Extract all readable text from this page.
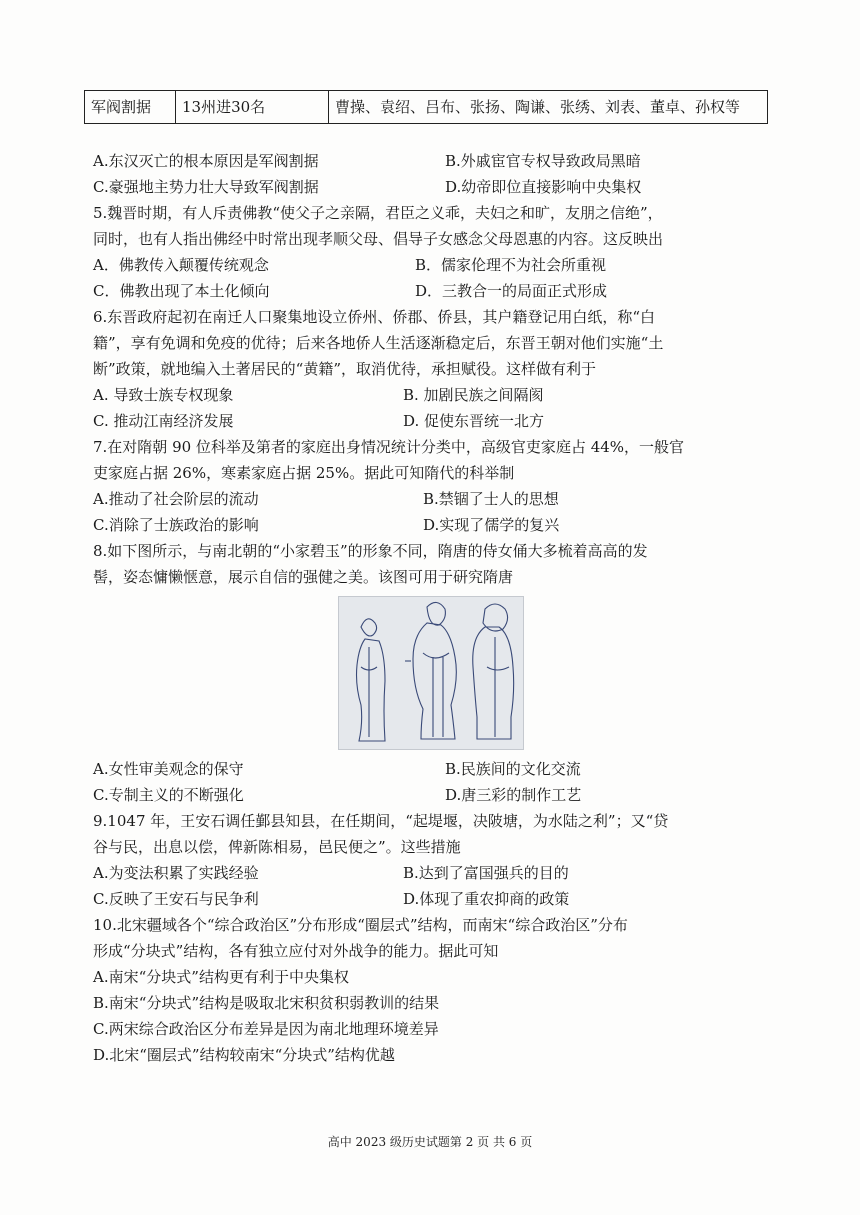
军阀割据	13州进30名	曹操、袁绍、吕布、张扬、陶谦、张绣、刘表、董卓、孙权等
A.东汉灭亡的根本原因是军阀割据	B.外戚宦官专权导致政局黑暗
C.豪强地主势力壮大导致军阀割据	D.幼帝即位直接影响中央集权
5.魏晋时期，有人斥责佛教“使父子之亲隔，君臣之义乖，夫妇之和旷，友朋之信绝”，
同时，也有人指出佛经中时常出现孝顺父母、倡导子女感念父母恩惠的内容。这反映出
A．佛教传入颠覆传统观念	B．儒家伦理不为社会所重视
C．佛教出现了本土化倾向	D．三教合一的局面正式形成
6.东晋政府起初在南迁人口聚集地设立侨州、侨郡、侨县，其户籍登记用白纸，称“白
籍”，享有免调和免疫的优待；后来各地侨人生活逐渐稳定后，东晋王朝对他们实施“土
断”政策，就地编入土著居民的“黄籍”，取消优待，承担赋役。这样做有利于
A. 导致士族专权现象	B. 加剧民族之间隔阂
C. 推动江南经济发展	D. 促使东晋统一北方
7.在对隋朝 90 位科举及第者的家庭出身情况统计分类中，高级官吏家庭占 44%，一般官
吏家庭占据 26%，寒素家庭占据 25%。据此可知隋代的科举制
A.推动了社会阶层的流动	B.禁锢了士人的思想
C.消除了士族政治的影响	D.实现了儒学的复兴
8.如下图所示，与南北朝的“小家碧玉”的形象不同，隋唐的侍女俑大多梳着高高的发
髻，姿态慵懒惬意，展示自信的强健之美。该图可用于研究隋唐
A.女性审美观念的保守	B.民族间的文化交流
C.专制主义的不断强化	D.唐三彩的制作工艺
9.1047 年，王安石调任鄞县知县，在任期间，“起堤堰，决陂塘，为水陆之利”；又“贷
谷与民，出息以偿，俾新陈相易，邑民便之”。这些措施
A.为变法积累了实践经验	B.达到了富国强兵的目的
C.反映了王安石与民争利	D.体现了重农抑商的政策
10.北宋疆域各个“综合政治区”分布形成“圈层式”结构，而南宋“综合政治区”分布
形成“分块式”结构，各有独立应付对外战争的能力。据此可知
A.南宋“分块式”结构更有利于中央集权
B.南宋“分块式”结构是吸取北宋积贫积弱教训的结果
C.两宋综合政治区分布差异是因为南北地理环境差异
D.北宋“圈层式”结构较南宋“分块式”结构优越
高中 2023 级历史试题第 2 页 共 6 页
